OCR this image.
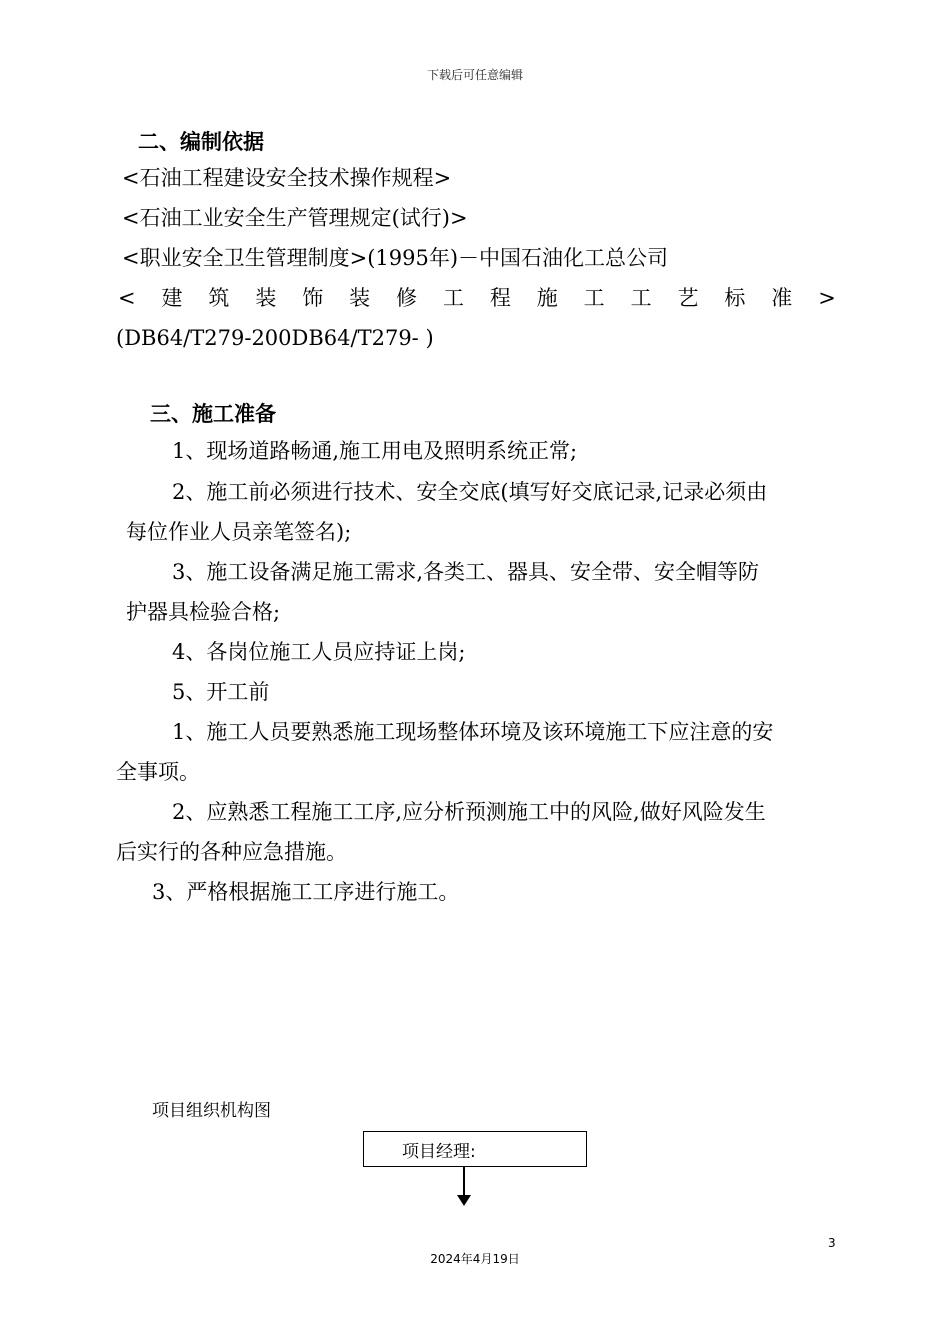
下载后可任意编辑
二、编制依据
<石油工程建设安全技术操作规程>
<石油工业安全生产管理规定(试行)>
<职业安全卫生管理制度>(1995年)－中国石油化工总公司
< 建 筑 装 饰 装 修 工 程 施 工 工 艺 标 准 >
(DB64/T279-200DB64/T279- )
三、施工准备
1、现场道路畅通,施工用电及照明系统正常;
2、施工前必须进行技术、安全交底(填写好交底记录,记录必须由
每位作业人员亲笔签名);
3、施工设备满足施工需求,各类工、器具、安全带、安全帽等防
护器具检验合格;
4、各岗位施工人员应持证上岗;
5、开工前
1、施工人员要熟悉施工现场整体环境及该环境施工下应注意的安
全事项。
2、应熟悉工程施工工序,应分析预测施工中的风险,做好风险发生
后实行的各种应急措施。
3、严格根据施工工序进行施工。
项目组织机构图
项目经理:
3
2024年4月19日
